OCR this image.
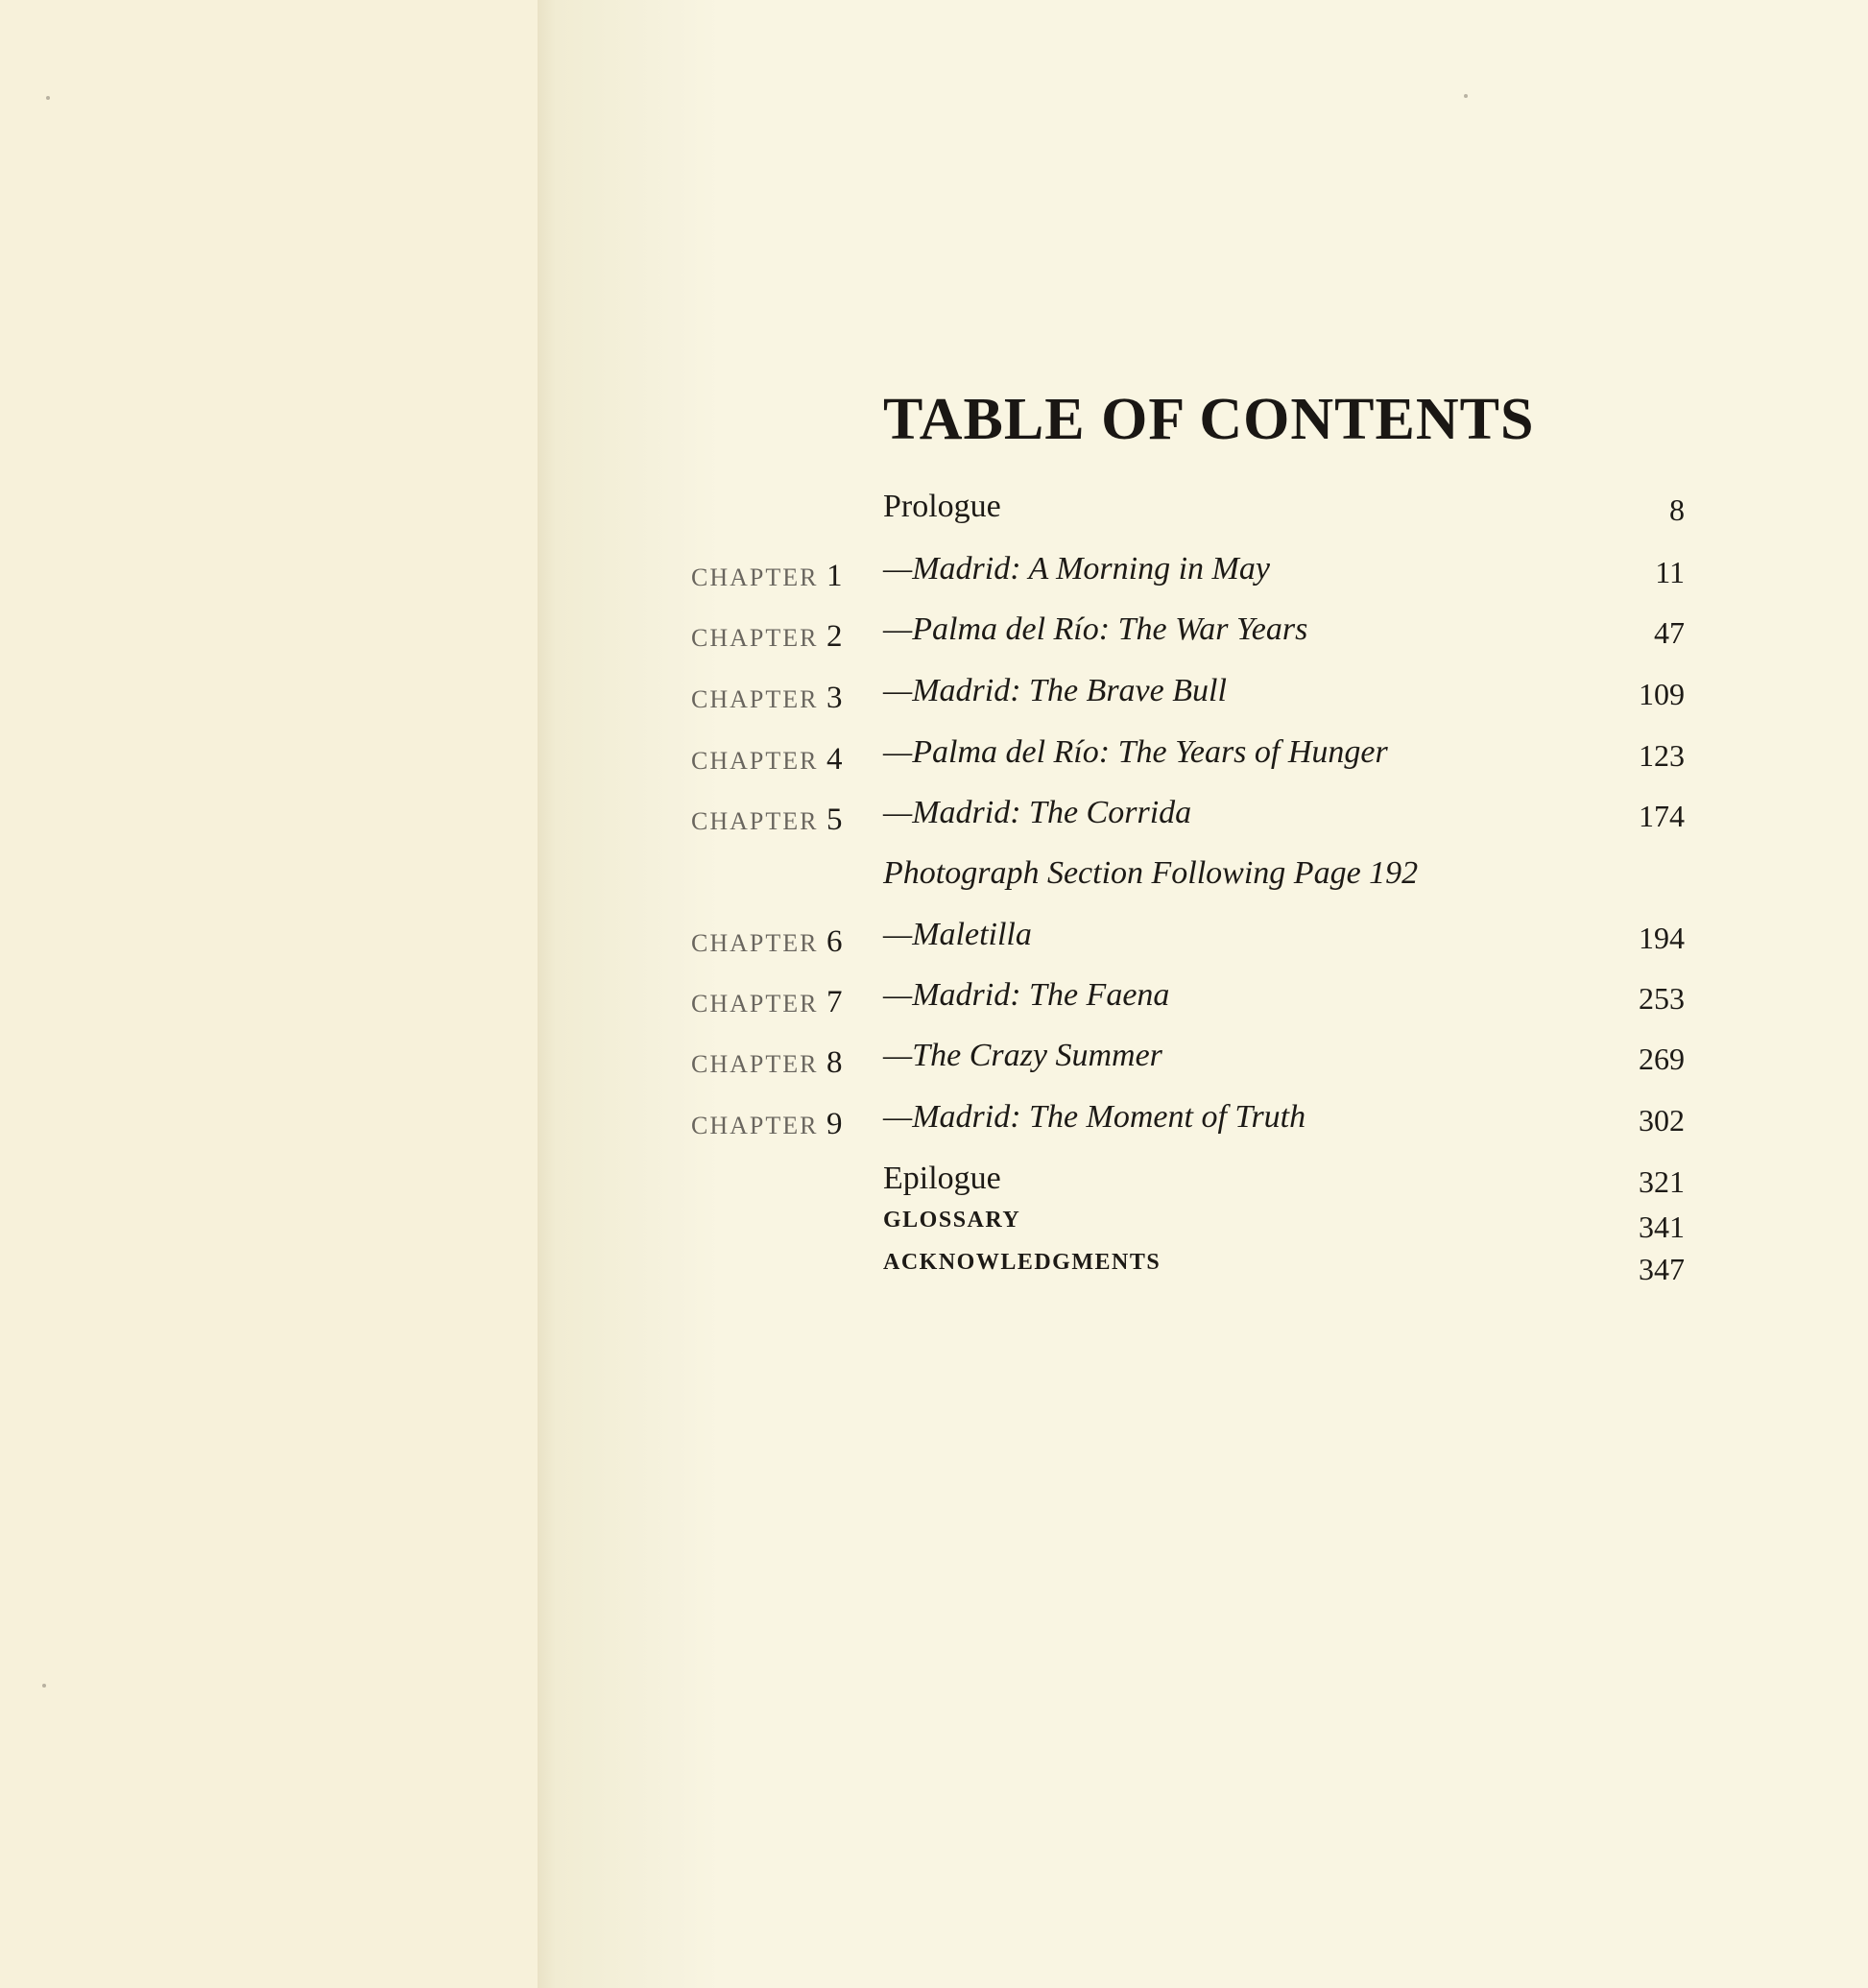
TABLE OF CONTENTS
Prologue	8
CHAPTER 1 —Madrid: A Morning in May	11
CHAPTER 2 —Palma del Río: The War Years	47
CHAPTER 3 —Madrid: The Brave Bull	109
CHAPTER 4 —Palma del Río: The Years of Hunger	123
CHAPTER 5 —Madrid: The Corrida	174
Photograph Section Following Page 192
CHAPTER 6 —Maletilla	194
CHAPTER 7 —Madrid: The Faena	253
CHAPTER 8 —The Crazy Summer	269
CHAPTER 9 —Madrid: The Moment of Truth	302
Epilogue	321
GLOSSARY	341
ACKNOWLEDGMENTS	347
